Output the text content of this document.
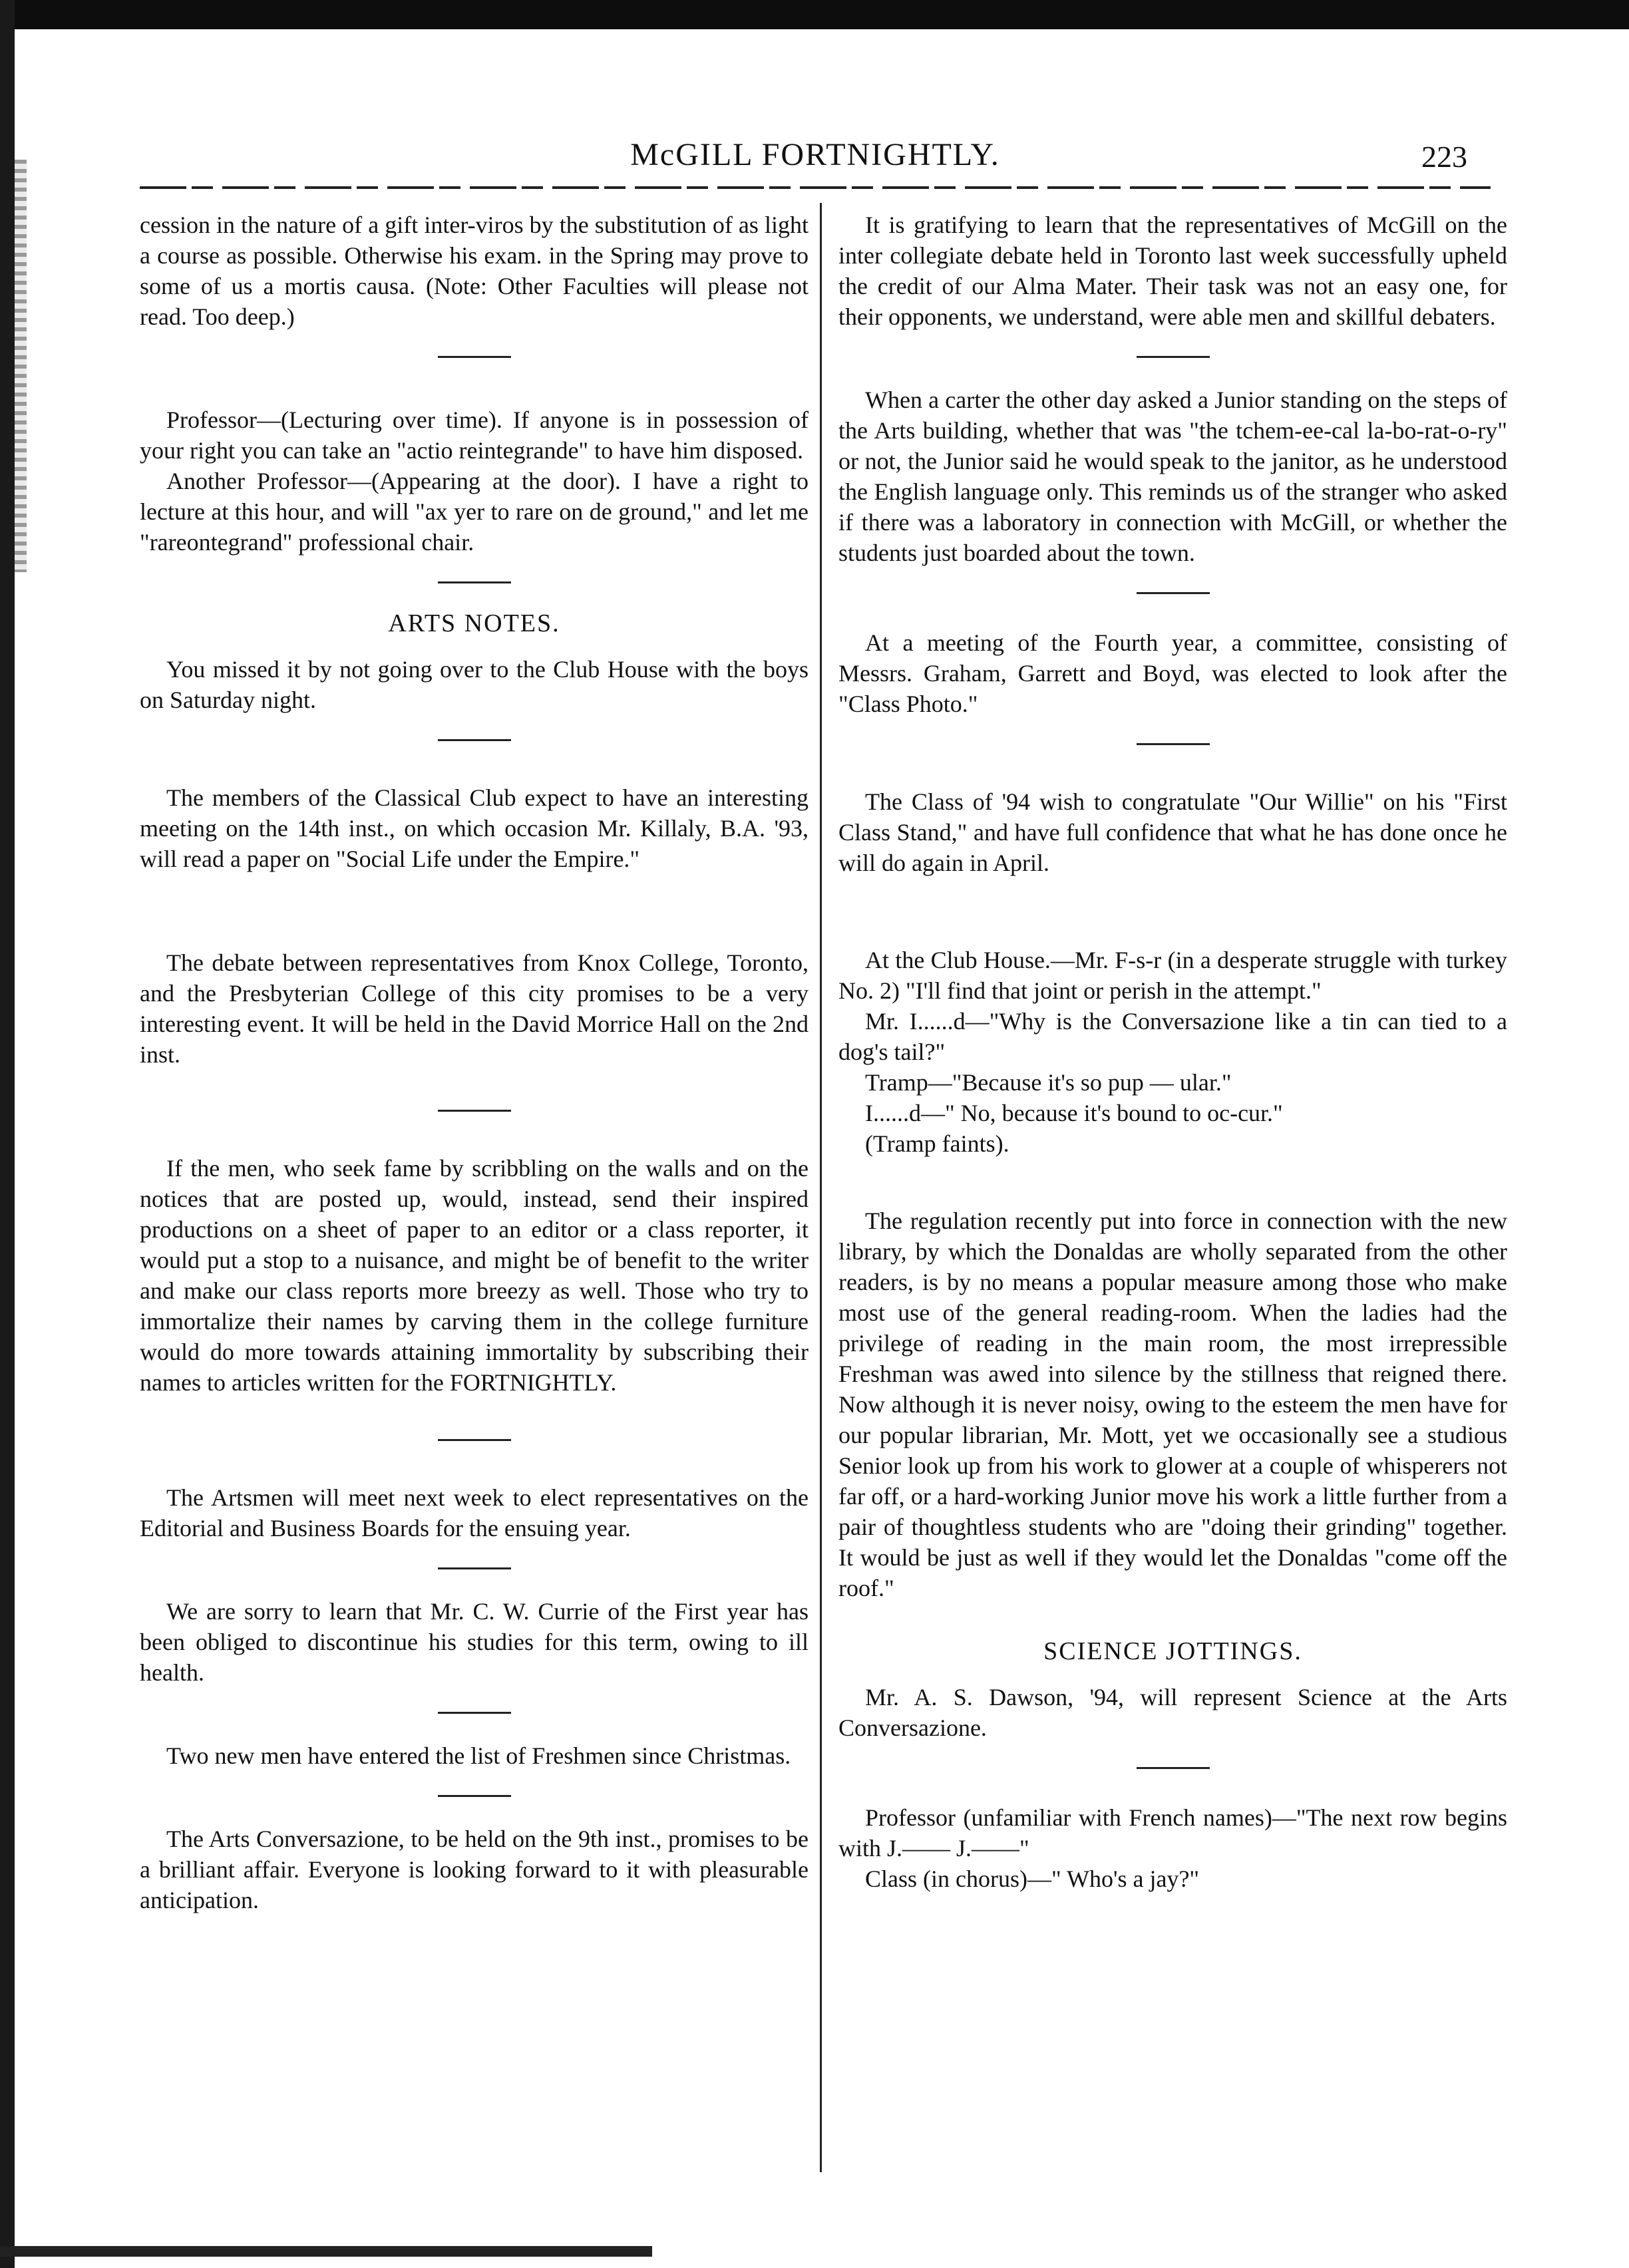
McGILL FORTNIGHTLY.	223

cession in the nature of a gift inter-viros by the substitution of as light a course as possible. Otherwise his exam. in the Spring may prove to some of us a mortis causa. (Note: Other Faculties will please not read. Too deep.)

Professor—(Lecturing over time). If anyone is in possession of your right you can take an "actio reintegrande" to have him disposed.

Another Professor—(Appearing at the door). I have a right to lecture at this hour, and will "ax yer to rare on de ground," and let me "rareontegrand" professional chair.

ARTS NOTES.

You missed it by not going over to the Club House with the boys on Saturday night.

The members of the Classical Club expect to have an interesting meeting on the 14th inst., on which occasion Mr. Killaly, B.A. '93, will read a paper on "Social Life under the Empire."

The debate between representatives from Knox College, Toronto, and the Presbyterian College of this city promises to be a very interesting event. It will be held in the David Morrice Hall on the 2nd inst.

If the men, who seek fame by scribbling on the walls and on the notices that are posted up, would, instead, send their inspired productions on a sheet of paper to an editor or a class reporter, it would put a stop to a nuisance, and might be of benefit to the writer and make our class reports more breezy as well. Those who try to immortalize their names by carving them in the college furniture would do more towards attaining immortality by subscribing their names to articles written for the FORTNIGHTLY.

The Artsmen will meet next week to elect representatives on the Editorial and Business Boards for the ensuing year.

We are sorry to learn that Mr. C. W. Currie of the First year has been obliged to discontinue his studies for this term, owing to ill health.

Two new men have entered the list of Freshmen since Christmas.

The Arts Conversazione, to be held on the 9th inst., promises to be a brilliant affair. Everyone is looking forward to it with pleasurable anticipation.

It is gratifying to learn that the representatives of McGill on the inter collegiate debate held in Toronto last week successfully upheld the credit of our Alma Mater. Their task was not an easy one, for their opponents, we understand, were able men and skillful debaters.

When a carter the other day asked a Junior standing on the steps of the Arts building, whether that was "the tchem-ee-cal la-bo-rat-o-ry" or not, the Junior said he would speak to the janitor, as he understood the English language only. This reminds us of the stranger who asked if there was a laboratory in connection with McGill, or whether the students just boarded about the town.

At a meeting of the Fourth year, a committee, consisting of Messrs. Graham, Garrett and Boyd, was elected to look after the "Class Photo."

The Class of '94 wish to congratulate "Our Willie" on his "First Class Stand," and have full confidence that what he has done once he will do again in April.

At the Club House.—Mr. F-s-r (in a desperate struggle with turkey No. 2) "I'll find that joint or perish in the attempt."

Mr. I......d—"Why is the Conversazione like a tin can tied to a dog's tail?"

Tramp—"Because it's so pup — ular."

I......d—" No, because it's bound to oc-cur."

(Tramp faints).

The regulation recently put into force in connection with the new library, by which the Donaldas are wholly separated from the other readers, is by no means a popular measure among those who make most use of the general reading-room. When the ladies had the privilege of reading in the main room, the most irrepressible Freshman was awed into silence by the stillness that reigned there. Now although it is never noisy, owing to the esteem the men have for our popular librarian, Mr. Mott, yet we occasionally see a studious Senior look up from his work to glower at a couple of whisperers not far off, or a hard-working Junior move his work a little further from a pair of thoughtless students who are "doing their grinding" together. It would be just as well if they would let the Donaldas "come off the roof."

SCIENCE JOTTINGS.

Mr. A. S. Dawson, '94, will represent Science at the Arts Conversazione.

Professor (unfamiliar with French names)—"The next row begins with J.—— J.——"

Class (in chorus)—" Who's a jay?"
